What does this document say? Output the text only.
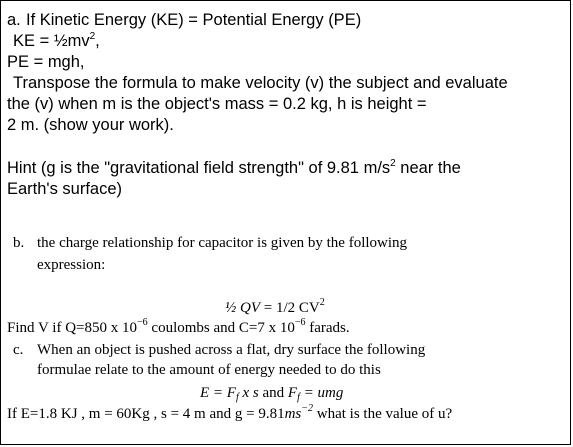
a. If Kinetic Energy (KE) = Potential Energy (PE)
KE = $\frac{1}{2}mv^2$,
PE = mgh,
Transpose the formula to make velocity (v) the subject and evaluate
the (v) when m is the object's mass = 0.2 kg, h is height =
2 m. (show your work).
Hint (g is the "gravitational field strength" of 9.81 $m/s^2$ near the
Earth's surface)
b. the charge relationship for capacitor is given by the following
expression:
½ QV = 1/2 $CV^2$
Find V if Q=850 x $10^{-6}$ coulombs and C=7 x $10^{-6}$ farads.
c. When an object is pushed across a flat, dry surface the following
formulae relate to the amount of energy needed to do this
$E = F_f$ x s and $F_f$ = umg
If E=1.8 KJ , m = 60Kg , s = 4 m and $g = 9.81ms^{-2}$ what is the value of u?
